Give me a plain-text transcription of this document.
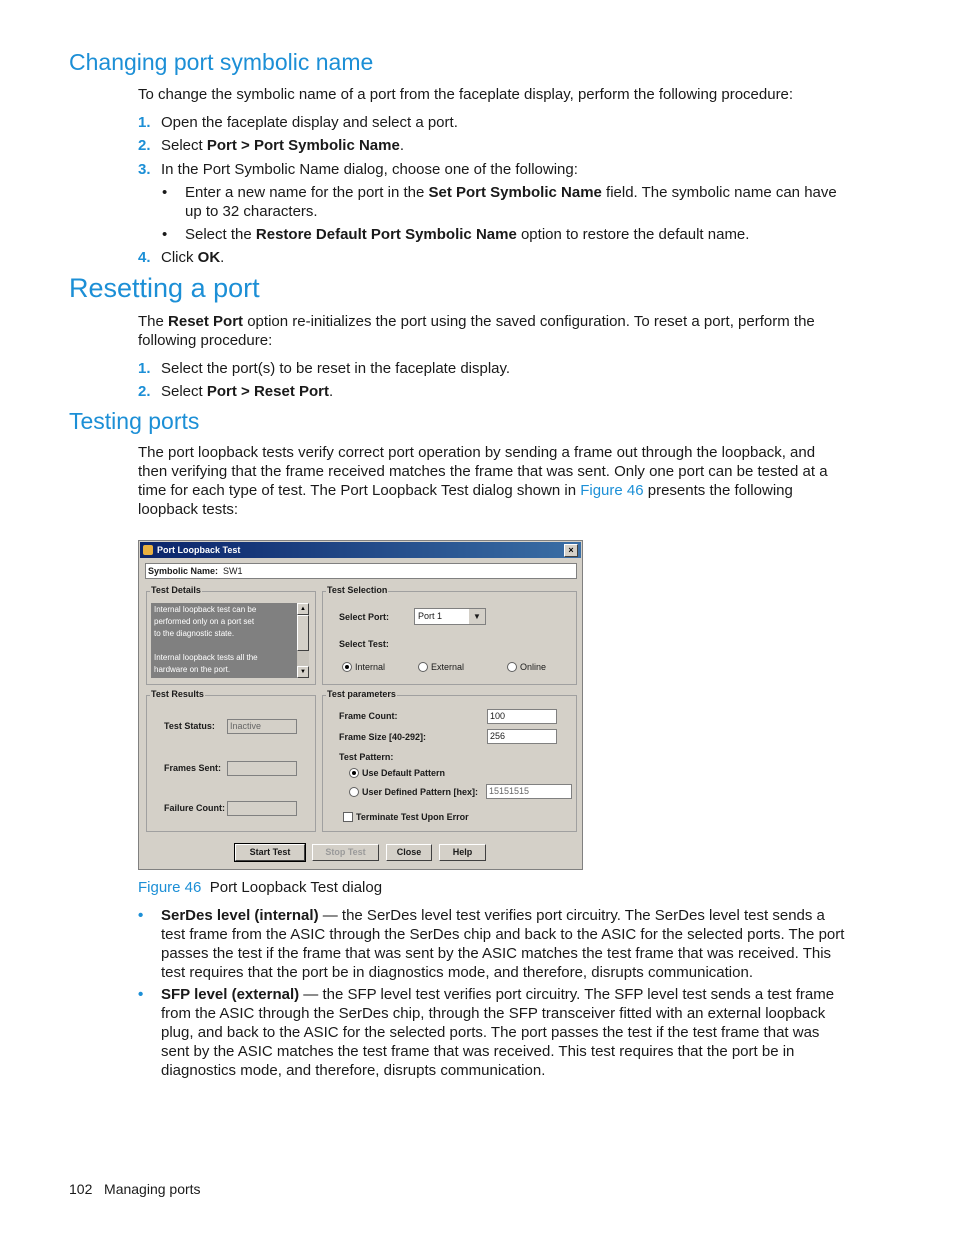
Changing port symbolic name

To change the symbolic name of a port from the faceplate display, perform the following procedure:

1. Open the faceplate display and select a port.
2. Select Port > Port Symbolic Name.
3. In the Port Symbolic Name dialog, choose one of the following:
• Enter a new name for the port in the Set Port Symbolic Name field. The symbolic name can have up to 32 characters.
• Select the Restore Default Port Symbolic Name option to restore the default name.
4. Click OK.
Resetting a port

The Reset Port option re-initializes the port using the saved configuration. To reset a port, perform the following procedure:

1. Select the port(s) to be reset in the faceplate display.
2. Select Port > Reset Port.
Testing ports

The port loopback tests verify correct port operation by sending a frame out through the loopback, and then verifying that the frame received matches the frame that was sent. Only one port can be tested at a time for each type of test. The Port Loopback Test dialog shown in Figure 46 presents the following loopback tests:

Port Loopback Test	×
Symbolic Name: SW1
Test Details
Internal loopback test can be
performed only on a port set
to the diagnostic state.

Internal loopback tests all the
hardware on the port.
▲
▼
Test Selection
Select Port:	Port 1	▼
Select Test:
Internal	External	Online
Test Results
Test Status:	Inactive
Frames Sent:
Failure Count:
Test parameters
Frame Count:	100
Frame Size [40-292]:	256
Test Pattern:
Use Default Pattern
User Defined Pattern [hex]:	15151515
Terminate Test Upon Error
Start Test	Stop Test	Close	Help
Figure 46 Port Loopback Test dialog
• SerDes level (internal) — the SerDes level test verifies port circuitry. The SerDes level test sends a test frame from the ASIC through the SerDes chip and back to the ASIC for the selected ports. The port passes the test if the frame that was sent by the ASIC matches the test frame that was received. This test requires that the port be in diagnostics mode, and therefore, disrupts communication.
• SFP level (external) — the SFP level test verifies port circuitry. The SFP level test sends a test frame from the ASIC through the SerDes chip, through the SFP transceiver fitted with an external loopback plug, and back to the ASIC for the selected ports. The port passes the test if the test frame that was sent by the ASIC matches the test frame that was received. This test requires that the port be in diagnostics mode, and therefore, disrupts communication.
102 Managing ports
